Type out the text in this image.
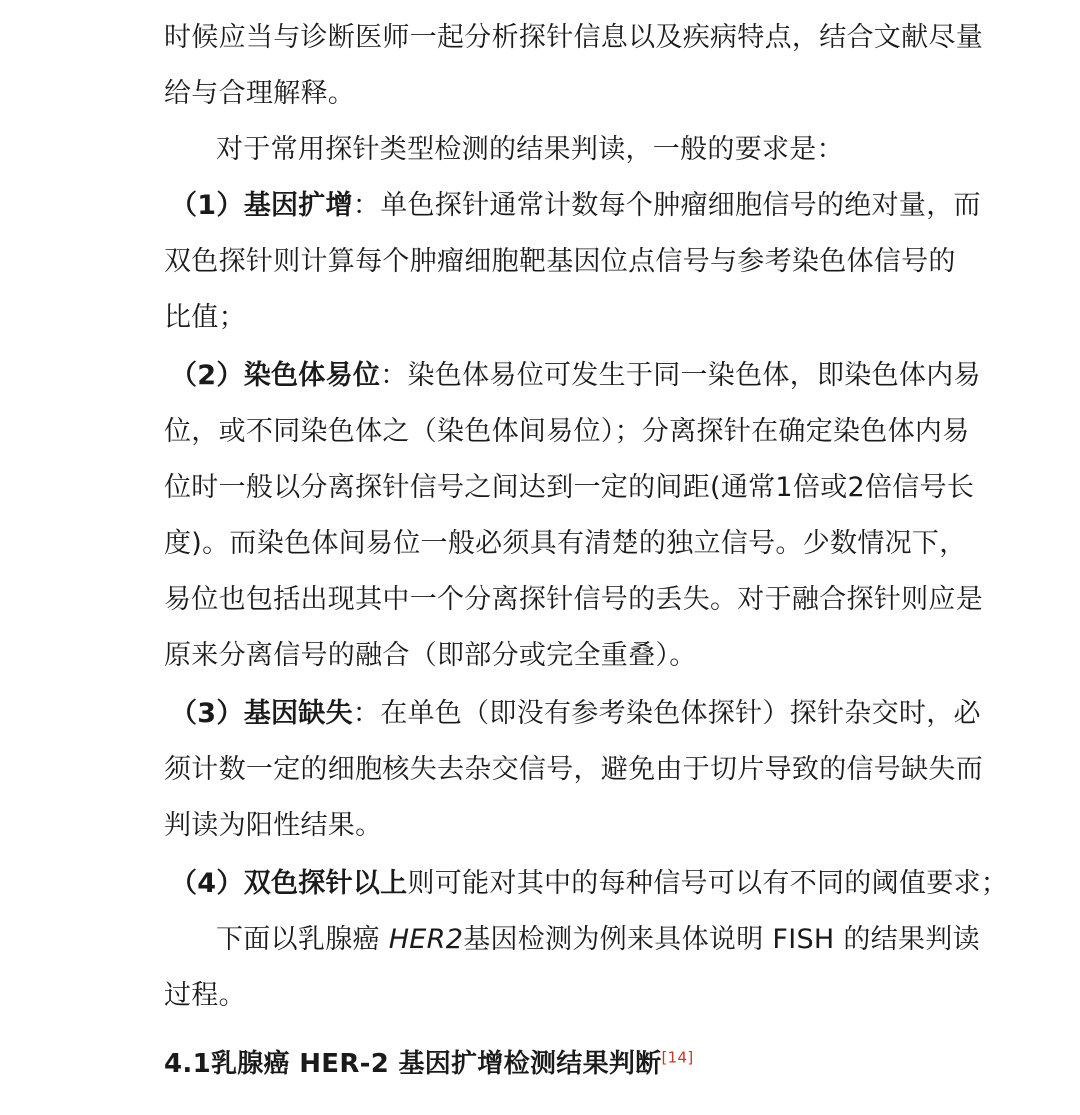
时候应当与诊断医师一起分析探针信息以及疾病特点，结合文献尽量
给与合理解释。
对于常用探针类型检测的结果判读，一般的要求是：
（1）基因扩增：单色探针通常计数每个肿瘤细胞信号的绝对量，而
双色探针则计算每个肿瘤细胞靶基因位点信号与参考染色体信号的
比值；
（2）染色体易位：染色体易位可发生于同一染色体，即染色体内易
位，或不同染色体之（染色体间易位）；分离探针在确定染色体内易
位时一般以分离探针信号之间达到一定的间距(通常1倍或2倍信号长
度)。而染色体间易位一般必须具有清楚的独立信号。少数情况下，
易位也包括出现其中一个分离探针信号的丢失。对于融合探针则应是
原来分离信号的融合（即部分或完全重叠）。
（3）基因缺失：在单色（即没有参考染色体探针）探针杂交时，必
须计数一定的细胞核失去杂交信号，避免由于切片导致的信号缺失而
判读为阳性结果。
（4）双色探针以上则可能对其中的每种信号可以有不同的阈值要求；
下面以乳腺癌 HER2基因检测为例来具体说明 FISH 的结果判读
过程。
4.1乳腺癌 HER-2 基因扩增检测结果判断[14]
